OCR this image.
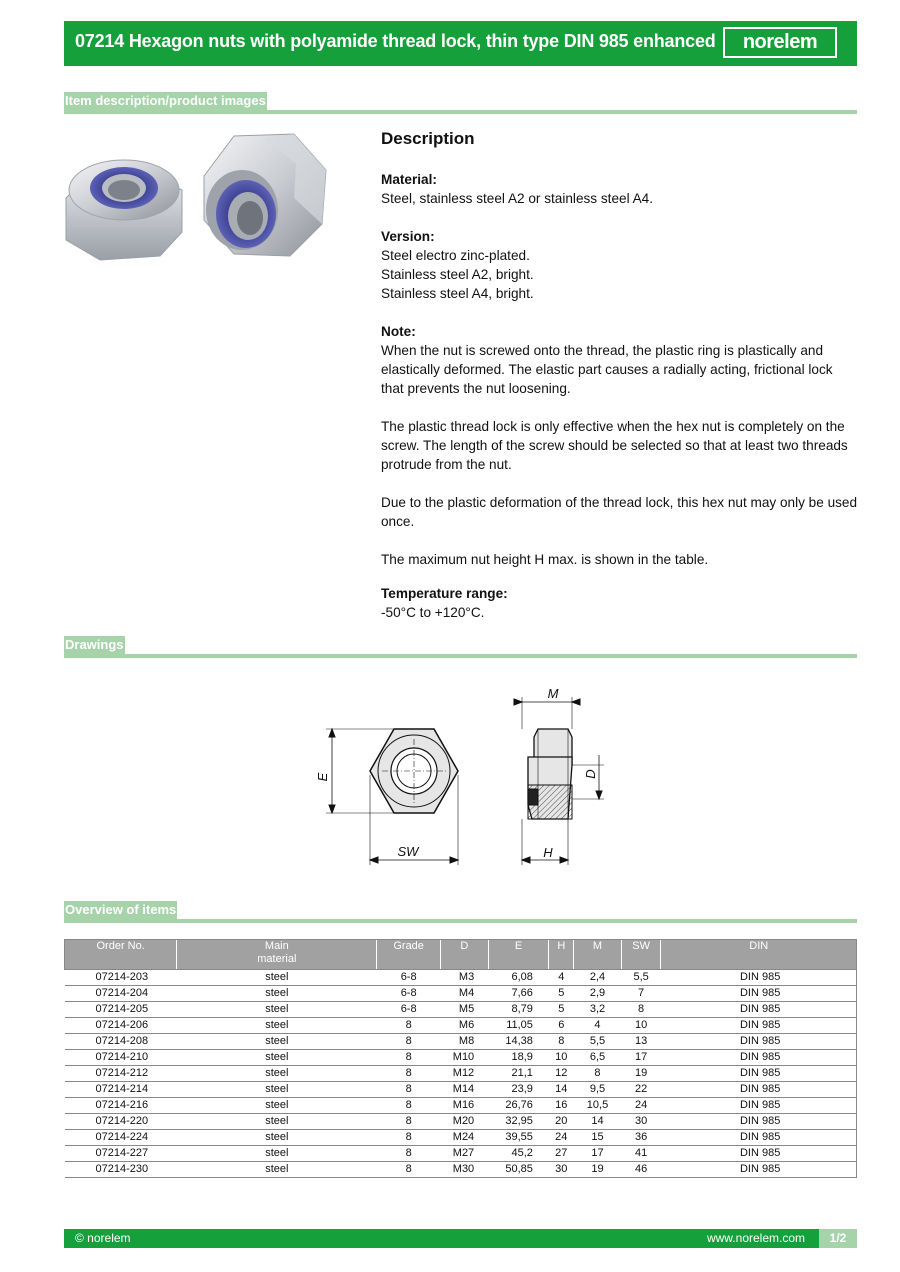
07214 Hexagon nuts with polyamide thread lock, thin type DIN 985 enhanced norelem
Item description/product images
Description

Material:
Steel, stainless steel A2 or stainless steel A4.

Version:
Steel electro zinc-plated.
Stainless steel A2, bright.
Stainless steel A4, bright.

Note:
When the nut is screwed onto the thread, the plastic ring is plastically and elastically deformed. The elastic part causes a radially acting, frictional lock that prevents the nut loosening.

The plastic thread lock is only effective when the hex nut is completely on the screw. The length of the screw should be selected so that at least two threads protrude from the nut.

Due to the plastic deformation of the thread lock, this hex nut may only be used once.

The maximum nut height H max. is shown in the table.

Temperature range:
-50°C to +120°C.

Drawings
E
SW
M
D
H
Overview of items
Order No.	Main material	Grade	D	E	H	M	SW	DIN
07214-203	steel	6-8	M3	6,08	4	2,4	5,5	DIN 985
07214-204	steel	6-8	M4	7,66	5	2,9	7	DIN 985
07214-205	steel	6-8	M5	8,79	5	3,2	8	DIN 985
07214-206	steel	8	M6	11,05	6	4	10	DIN 985
07214-208	steel	8	M8	14,38	8	5,5	13	DIN 985
07214-210	steel	8	M10	18,9	10	6,5	17	DIN 985
07214-212	steel	8	M12	21,1	12	8	19	DIN 985
07214-214	steel	8	M14	23,9	14	9,5	22	DIN 985
07214-216	steel	8	M16	26,76	16	10,5	24	DIN 985
07214-220	steel	8	M20	32,95	20	14	30	DIN 985
07214-224	steel	8	M24	39,55	24	15	36	DIN 985
07214-227	steel	8	M27	45,2	27	17	41	DIN 985
07214-230	steel	8	M30	50,85	30	19	46	DIN 985
© norelem	www.norelem.com	1/2
